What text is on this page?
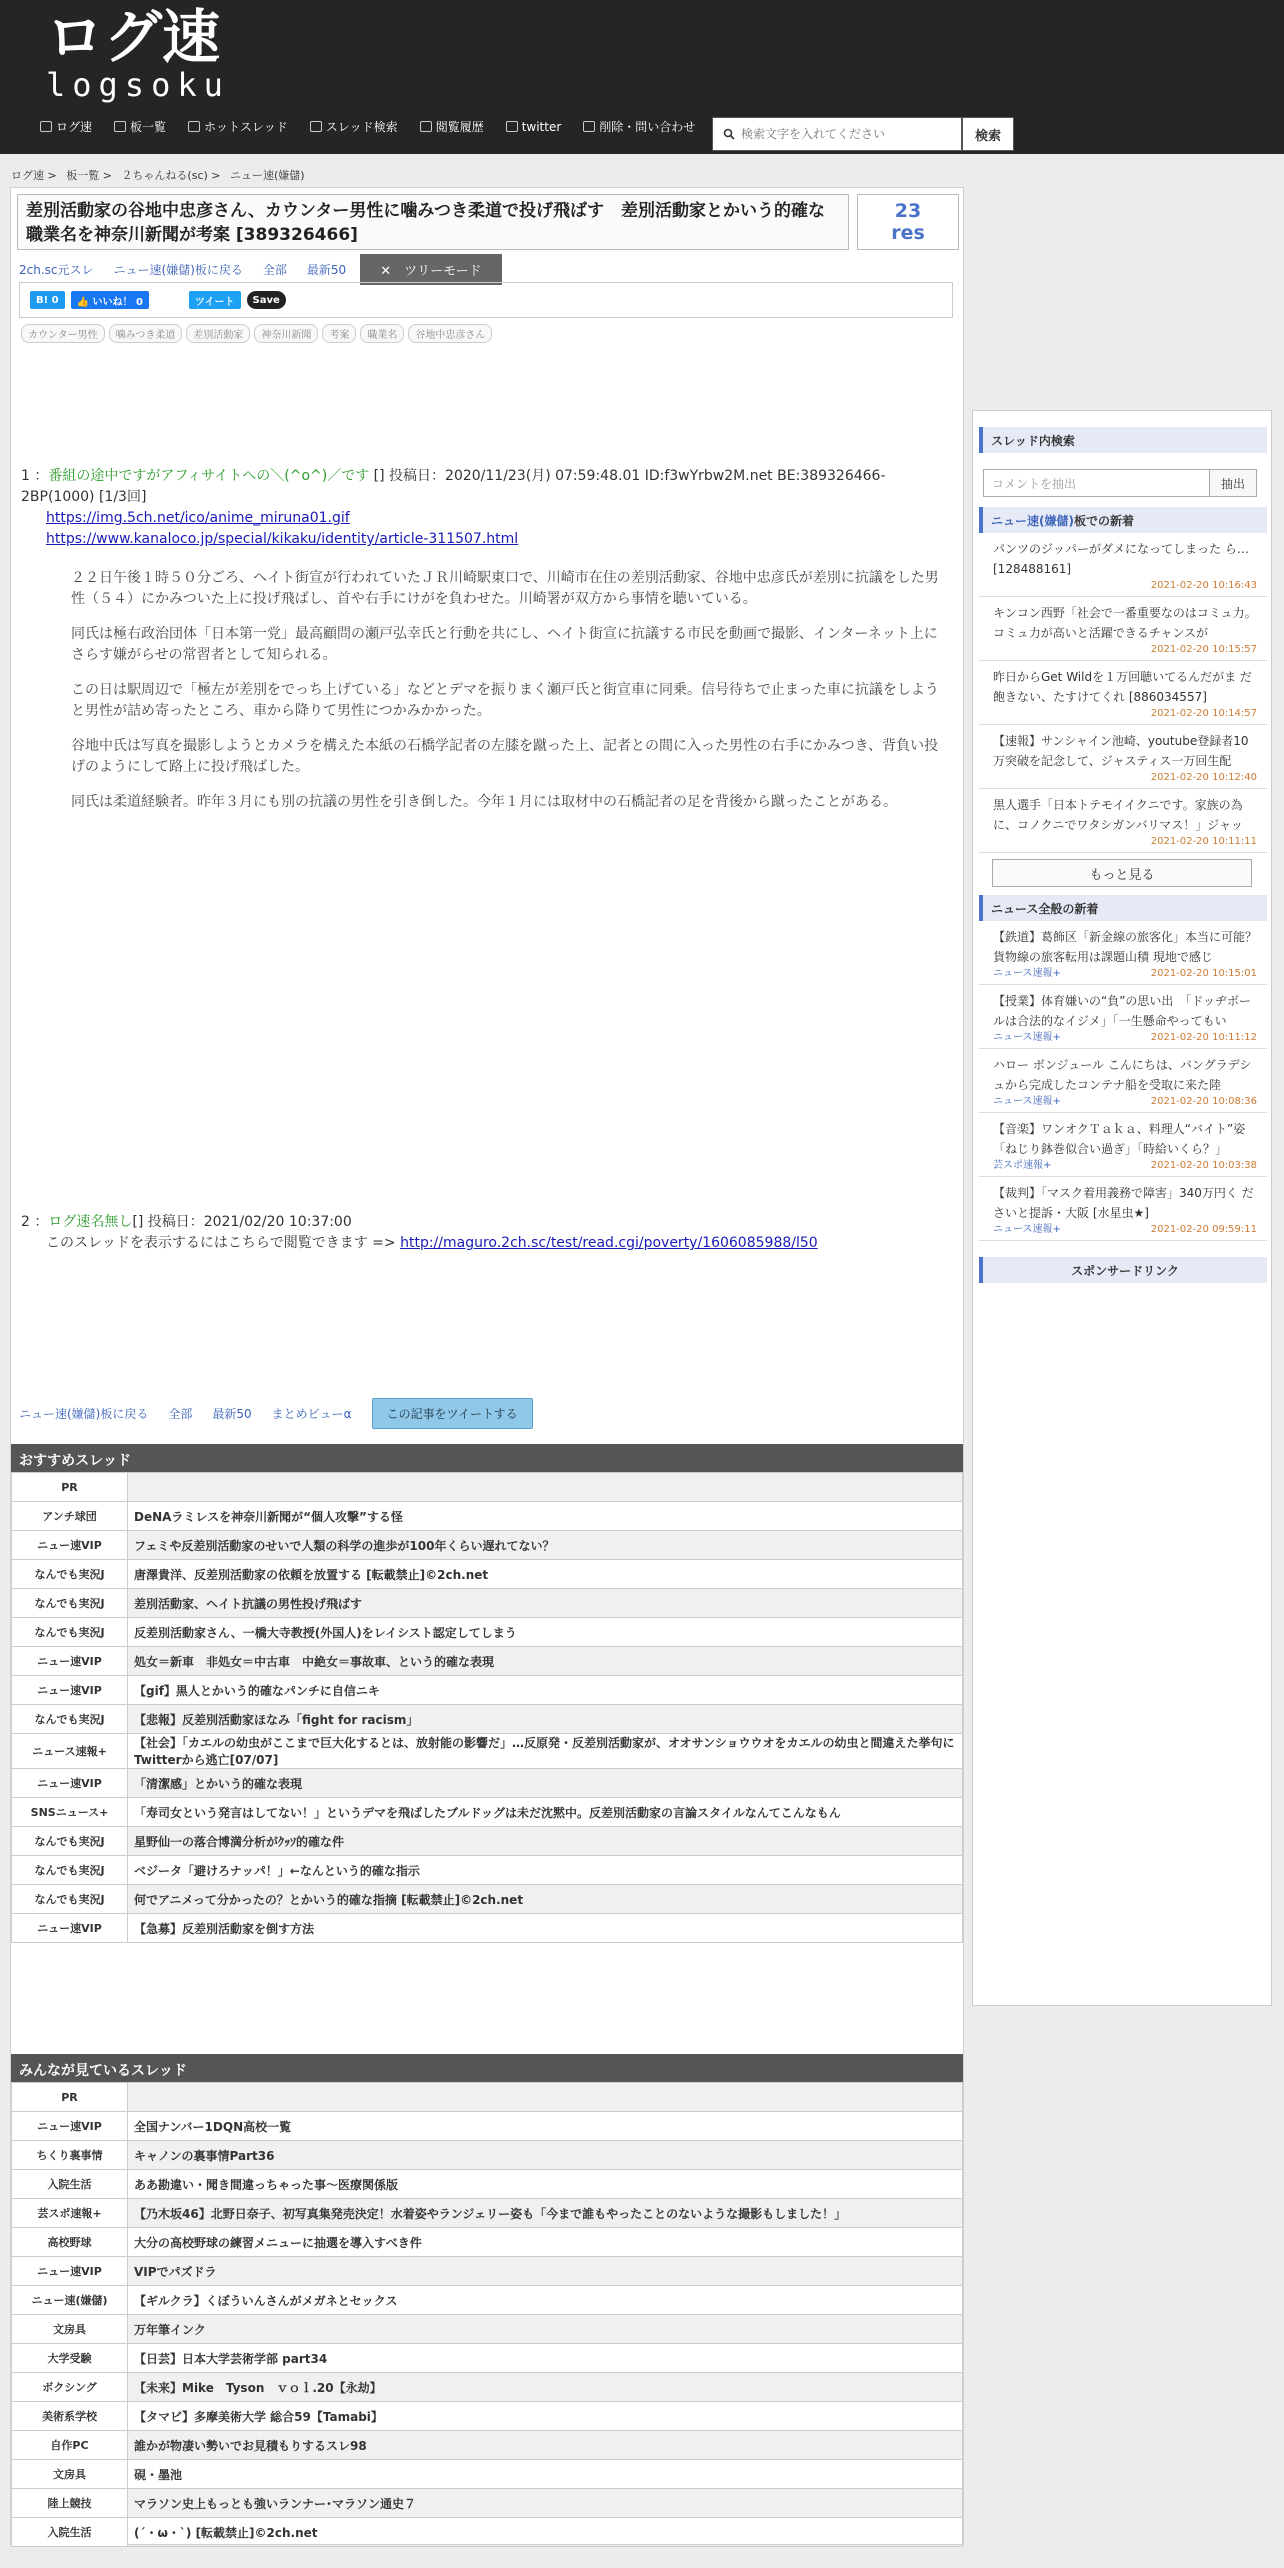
ログ速
logsoku
ログ速	板一覧	ホットスレッド	スレッド検索	閲覧履歴	twitter	削除・問い合わせ
検索文字を入れてください
検索
ログ速 > 板一覧 > ２ちゃんねる(sc) > ニュー速(嫌儲)
差別活動家の谷地中忠彦さん、カウンター男性に噛みつき柔道で投げ飛ばす　差別活動家とかいう的確な職業名を神奈川新聞が考案 [389326466]
23
res
2ch.sc元スレ ニュー速(嫌儲)板に戻る 全部 最新50	✕　ツリーモード
B! 0	👍 いいね！ 0	ツイート	Save
カウンター男性	噛みつき柔道	差別活動家	神奈川新聞	考案	職業名	谷地中忠彦さん
1 ：番組の途中ですがアフィサイトへの＼(^o^)／です [] 投稿日：2020/11/23(月) 07:59:48.01 ID:f3wYrbw2M.net BE:389326466-2BP(1000) [1/3回]
https://img.5ch.net/ico/anime_miruna01.gif
https://www.kanaloco.jp/special/kikaku/identity/article-311507.html
２２日午後１時５０分ごろ、ヘイト街宣が行われていたＪＲ川崎駅東口で、川崎市在住の差別活動家、谷地中忠彦氏が差別に抗議をした男性（５４）にかみついた上に投げ飛ばし、首や右手にけがを負わせた。川崎署が双方から事情を聴いている。
同氏は極右政治団体「日本第一党」最高顧問の瀬戸弘幸氏と行動を共にし、ヘイト街宣に抗議する市民を動画で撮影、インターネット上にさらす嫌がらせの常習者として知られる。
この日は駅周辺で「極左が差別をでっち上げている」などとデマを振りまく瀬戸氏と街宣車に同乗。信号待ちで止まった車に抗議をしようと男性が詰め寄ったところ、車から降りて男性につかみかかった。
谷地中氏は写真を撮影しようとカメラを構えた本紙の石橋学記者の左膝を蹴った上、記者との間に入った男性の右手にかみつき、背負い投げのようにして路上に投げ飛ばした。
同氏は柔道経験者。昨年３月にも別の抗議の男性を引き倒した。今年１月には取材中の石橋記者の足を背後から蹴ったことがある。
2 ：ログ速名無し[] 投稿日：2021/02/20 10:37:00
このスレッドを表示するにはこちらで閲覧できます => http://maguro.2ch.sc/test/read.cgi/poverty/1606085988/l50
ニュー速(嫌儲)板に戻る 全部 最新50 まとめビューα	この記事をツイートする
おすすめスレッド
PR	
アンチ球団	DeNAラミレスを神奈川新聞が“個人攻撃”する怪
ニュー速VIP	フェミや反差別活動家のせいで人類の科学の進歩が100年くらい遅れてない？
なんでも実況J	唐澤貴洋、反差別活動家の依頼を放置する [転載禁止]©2ch.net
なんでも実況J	差別活動家、ヘイト抗議の男性投げ飛ばす
なんでも実況J	反差別活動家さん、一橋大寺教授(外国人)をレイシスト認定してしまう
ニュー速VIP	処女＝新車　非処女＝中古車　中絶女＝事故車、という的確な表現
ニュー速VIP	【gif】黒人とかいう的確なパンチに自信ニキ
なんでも実況J	【悲報】反差別活動家ほなみ「fight for racism」
ニュース速報+	【社会】「カエルの幼虫がここまで巨大化するとは、放射能の影響だ」…反原発・反差別活動家が、オオサンショウウオをカエルの幼虫と間違えた挙句にTwitterから逃亡[07/07]
ニュー速VIP	「清潔感」とかいう的確な表現
SNSニュース+	「寿司女という発言はしてない！」というデマを飛ばしたブルドッグは未だ沈黙中。反差別活動家の言論スタイルなんてこんなもん
なんでも実況J	星野仙一の落合博満分析がｸｯｿ的確な件
なんでも実況J	ベジータ「避けろナッパ！」←なんという的確な指示
なんでも実況J	何でアニメって分かったの？とかいう的確な指摘 [転載禁止]©2ch.net
ニュー速VIP	【急募】反差別活動家を倒す方法
みんなが見ているスレッド
PR	
ニュー速VIP	全国ナンバー1DQN高校一覧
ちくり裏事情	キャノンの裏事情Part36
入院生活	ああ勘違い・聞き間違っちゃった事～医療関係版
芸スポ速報+	【乃木坂46】北野日奈子、初写真集発売決定！水着姿やランジェリー姿も「今まで誰もやったことのないような撮影もしました！」
高校野球	大分の高校野球の練習メニューに抽選を導入すべき件
ニュー速VIP	VIPでパズドラ
ニュー速(嫌儲)	【ギルクラ】くぼういんさんがメガネとセックス
文房具	万年筆インク
大学受験	【日芸】日本大学芸術学部 part34
ボクシング	【未来】Mike　Tyson　ｖｏｌ.20【永劫】
美術系学校	【タマビ】多摩美術大学 総合59【Tamabi】
自作PC	誰かが物凄い勢いでお見積もりするスレ98
文房具	硯・墨池
陸上競技	マラソン史上もっとも強いランナー･マラソン通史７
入院生活	(´・ω・`) [転載禁止]©2ch.net
スレッド内検索
コメントを抽出	抽出
ニュー速(嫌儲)板での新着
パンツのジッパーがダメになってしまった ら… [128488161]
2021-02-20 10:16:43
キンコン西野「社会で一番重要なのはコミュ力。コミュ力が高いと活躍できるチャンスが
2021-02-20 10:15:57
昨日からGet Wildを１万回聴いてるんだがま だ飽きない、たすけてくれ [886034557]
2021-02-20 10:14:57
【速報】サンシャイン池崎、youtube登録者10 万突破を記念して、ジャスティス一万回生配
2021-02-20 10:12:40
黒人選手「日本トテモイイクニです。家族の為 に、コノクニでワタシガンバリマス！」ジャッ
2021-02-20 10:11:11
もっと見る
ニュース全般の新着
【鉄道】葛飾区「新金線の旅客化」本当に可能？ 貨物線の旅客転用は課題山積 現地で感じ
ニュース速報+	2021-02-20 10:15:01
【授業】体育嫌いの“負”の思い出　「ドッヂボールは合法的なイジメ」「一生懸命やってもい
ニュース速報+	2021-02-20 10:11:12
ハロー ボンジュール こんにちは、バングラデシュから完成したコンテナ船を受取に来た陸
ニュース速報+	2021-02-20 10:08:36
【音楽】ワンオクＴａｋａ、料理人“バイト”姿 「ねじり鉢巻似合い過ぎ」「時給いくら？」
芸スポ速報+	2021-02-20 10:03:38
【裁判】「マスク着用義務で障害」340万円く ださいと提訴・大阪 [水星虫★]
ニュース速報+	2021-02-20 09:59:11
スポンサードリンク
